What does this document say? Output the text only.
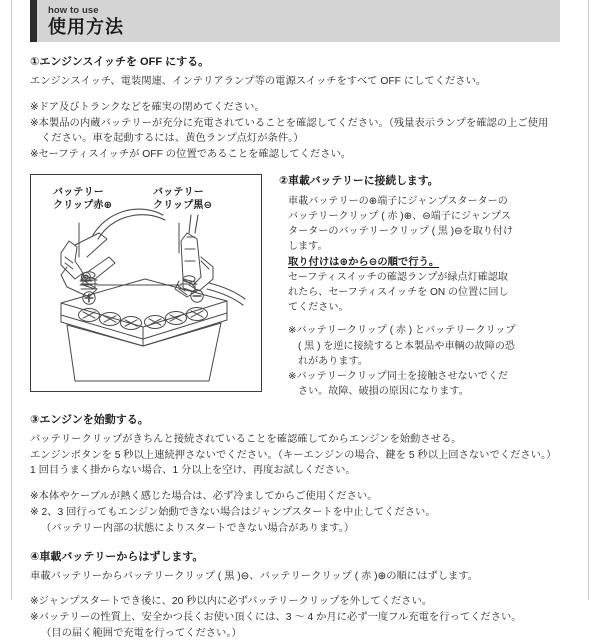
how to use
使用方法
①エンジンスイッチを OFF にする。
エンジンスイッチ、電装関連、インテリアランプ等の電源スイッチをすべて OFF にしてください。
※ドア及びトランクなどを確実の閉めてください。
※本製品の内蔵バッテリーが充分に充電されていることを確認してください。（残量表示ランプを確認の上ご使用
ください。車を起動するには、黄色ランプ点灯が条件。）
※セーフティスイッチが OFF の位置であることを確認してください。
バッテリー
クリップ赤⊕
バッテリー
クリップ黒⊖
②車載バッテリーに接続します。
車載バッテリーの⊕端子にジャンプスターターの
バッテリークリップ ( 赤 )⊕、⊖端子にジャンプス
ターターのバッテリークリップ ( 黒 )⊖を取り付け
します。
取り付けは⊕から⊖の順で行う。
セーフティスイッチの確認ランプが緑点灯確認取
れたら、セーフティスイッチを ON の位置に回し
てください。
※バッテリークリップ ( 赤 ) とバッテリークリップ
( 黒 ) を逆に接続すると本製品や車輌の故障の恐
れがあります。
※バッテリークリップ同士を接触させないでくだ
さい。故障、破損の原因になります。
③エンジンを始動する。
バッテリークリップがきちんと接続されていることを確認確してからエンジンを始動させる。
エンジンボタンを 5 秒以上連続押さないでください。（キーエンジンの場合、鍵を 5 秒以上回さないでください。）
1 回目うまく掛からない場合、1 分以上を空け、再度お試しください。
※本体やケーブルが熱く感じた場合は、必ず冷ましてからご使用ください。
※ 2、3 回行ってもエンジン始動できない場合はジャンプスタートを中止してください。
（バッテリー内部の状態によりスタートできない場合があります。）
④車載バッテリーからはずします。
車載バッテリーからバッテリークリップ ( 黒 )⊖、バッテリークリップ ( 赤 )⊕の順にはずします。
※ジャンプスタートでき後に、20 秒以内に必ずバッテリークリップを外してください。
※バッテリーの性質上、安全かつ長くお使い頂くには、3 〜 4 か月に必ず一度フル充電を行ってください。
（目の届く範囲で充電を行ってください。）
